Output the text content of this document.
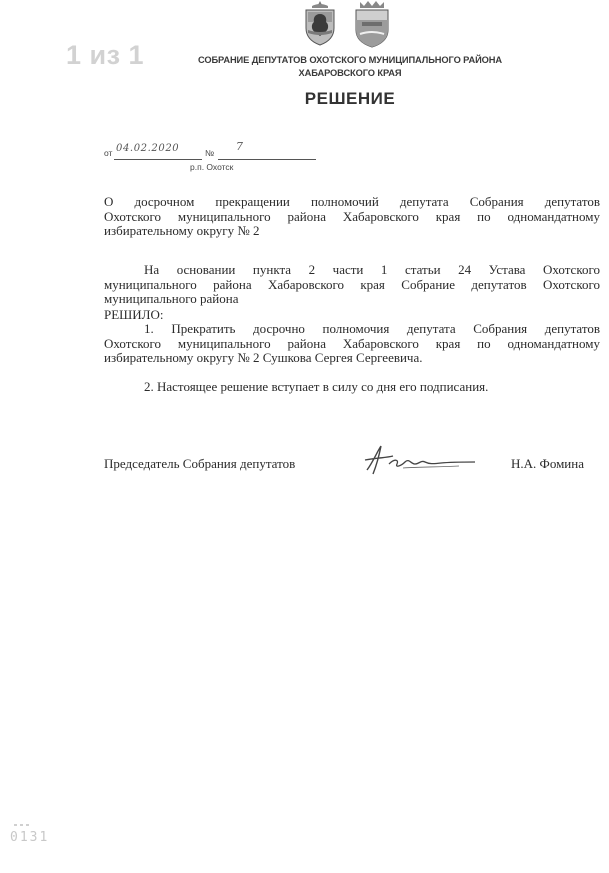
1 из 1	СОБРАНИЕ ДЕПУТАТОВ ОХОТСКОГО МУНИЦИПАЛЬНОГО РАЙОНА
ХАБАРОВСКОГО КРАЯ
РЕШЕНИЕ
от 04.02.2020	№ 7
р.п. Охотск
О досрочном прекращении полномочий депутата Собрания депутатов
Охотского муниципального района Хабаровского края по одномандатному
избирательному округу № 2
На основании пункта 2 части 1 статьи 24 Устава Охотского
муниципального района Хабаровского края Собрание депутатов Охотского
муниципального района
РЕШИЛО:
1. Прекратить досрочно полномочия депутата Собрания депутатов
Охотского муниципального района Хабаровского края по одномандатному
избирательному округу № 2 Сушкова Сергея Сергеевича.
2. Настоящее решение вступает в силу со дня его подписания.
Председатель Собрания депутатов	Н.А. Фомина
0131
